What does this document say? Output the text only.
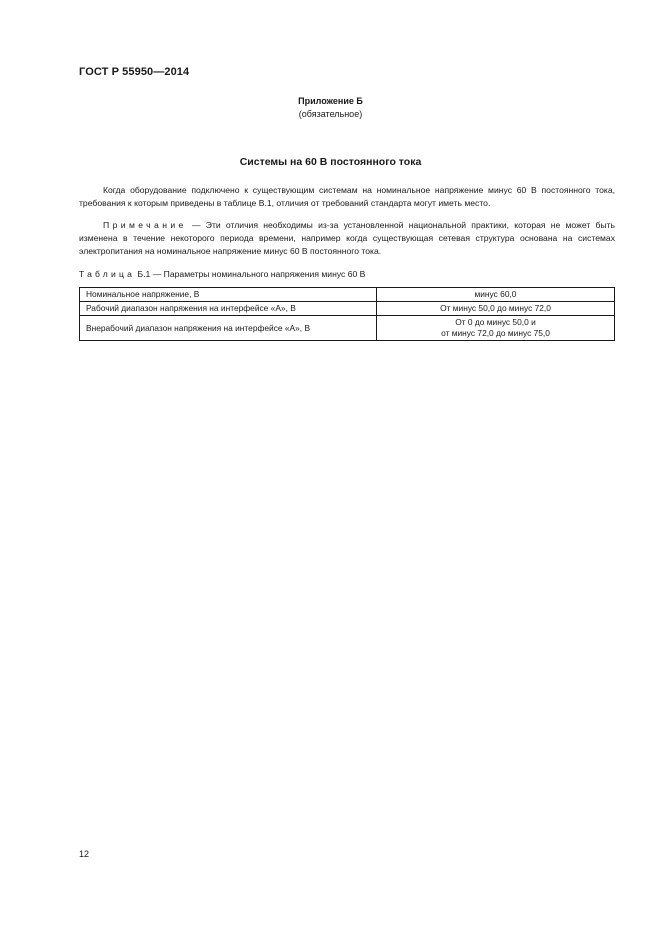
ГОСТ Р 55950—2014
Приложение Б
(обязательное)
Системы на 60 В постоянного тока
Когда оборудование подключено к существующим системам на номинальное напряжение минус 60 В постоянного тока, требования к которым приведены в таблице В.1, отличия от требований стандарта могут иметь место.
Примечание — Эти отличия необходимы из-за установленной национальной практики, которая не может быть изменена в течение некоторого периода времени, например когда существующая сетевая структура основана на системах электропитания на номинальное напряжение минус 60 В постоянного тока.
Таблица Б.1 — Параметры номинального напряжения минус 60 В
Номинальное напряжение, В	минус 60,0

Рабочий диапазон напряжения на интерфейсе «А», В	От минус 50,0 до минус 72,0

Внерабочий диапазон напряжения на интерфейсе «А», В	От 0 до минус 50,0 и
от минус 72,0 до минус 75,0
12
